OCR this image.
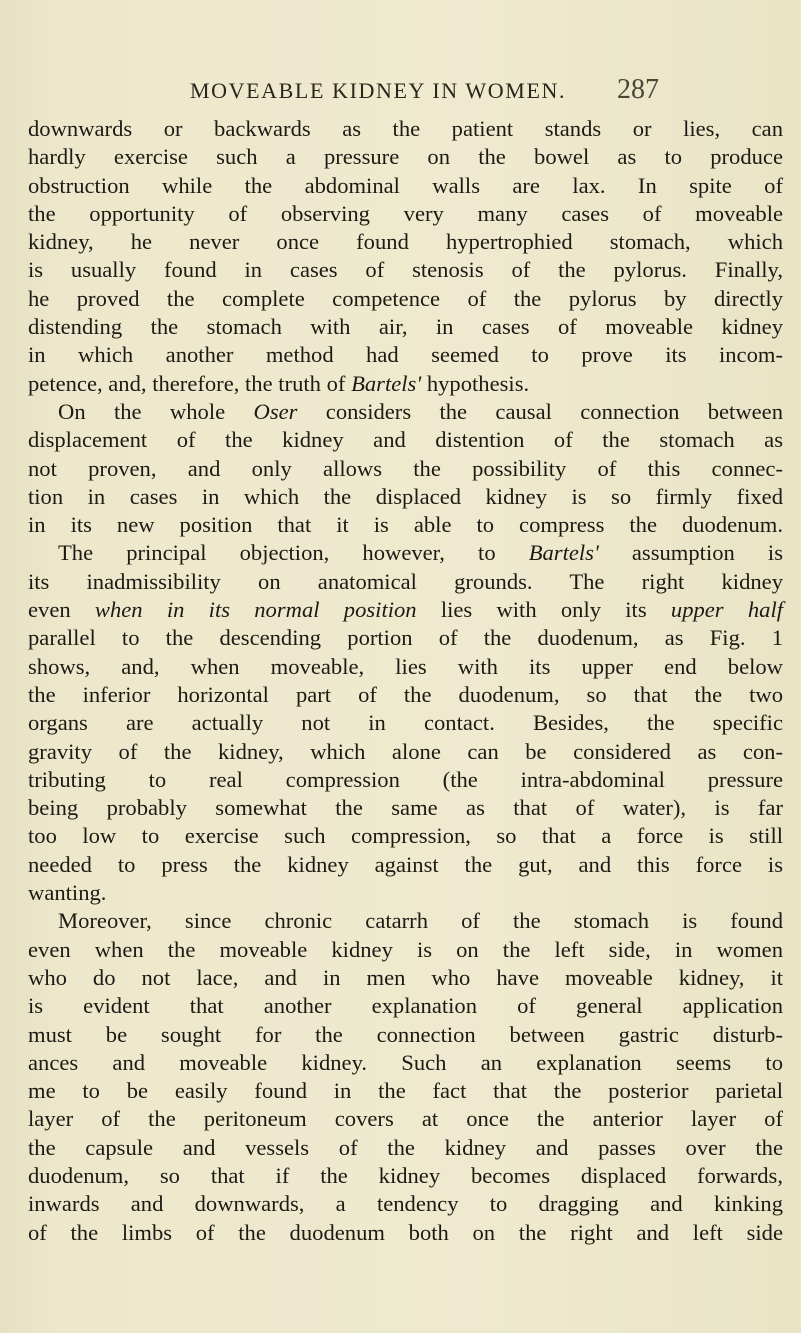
MOVEABLE KIDNEY IN WOMEN. 287
downwards or backwards as the patient stands or lies, can
hardly exercise such a pressure on the bowel as to produce
obstruction while the abdominal walls are lax. In spite of
the opportunity of observing very many cases of moveable
kidney, he never once found hypertrophied stomach, which
is usually found in cases of stenosis of the pylorus. Finally,
he proved the complete competence of the pylorus by directly
distending the stomach with air, in cases of moveable kidney
in which another method had seemed to prove its incom-
petence, and, therefore, the truth of Bartels' hypothesis.
On the whole Oser considers the causal connection between
displacement of the kidney and distention of the stomach as
not proven, and only allows the possibility of this connec-
tion in cases in which the displaced kidney is so firmly fixed
in its new position that it is able to compress the duodenum.
The principal objection, however, to Bartels' assumption is
its inadmissibility on anatomical grounds. The right kidney
even when in its normal position lies with only its upper half
parallel to the descending portion of the duodenum, as Fig. 1
shows, and, when moveable, lies with its upper end below
the inferior horizontal part of the duodenum, so that the two
organs are actually not in contact. Besides, the specific
gravity of the kidney, which alone can be considered as con-
tributing to real compression (the intra-abdominal pressure
being probably somewhat the same as that of water), is far
too low to exercise such compression, so that a force is still
needed to press the kidney against the gut, and this force is
wanting.
Moreover, since chronic catarrh of the stomach is found
even when the moveable kidney is on the left side, in women
who do not lace, and in men who have moveable kidney, it
is evident that another explanation of general application
must be sought for the connection between gastric disturb-
ances and moveable kidney. Such an explanation seems to
me to be easily found in the fact that the posterior parietal
layer of the peritoneum covers at once the anterior layer of
the capsule and vessels of the kidney and passes over the
duodenum, so that if the kidney becomes displaced forwards,
inwards and downwards, a tendency to dragging and kinking
of the limbs of the duodenum both on the right and left side
